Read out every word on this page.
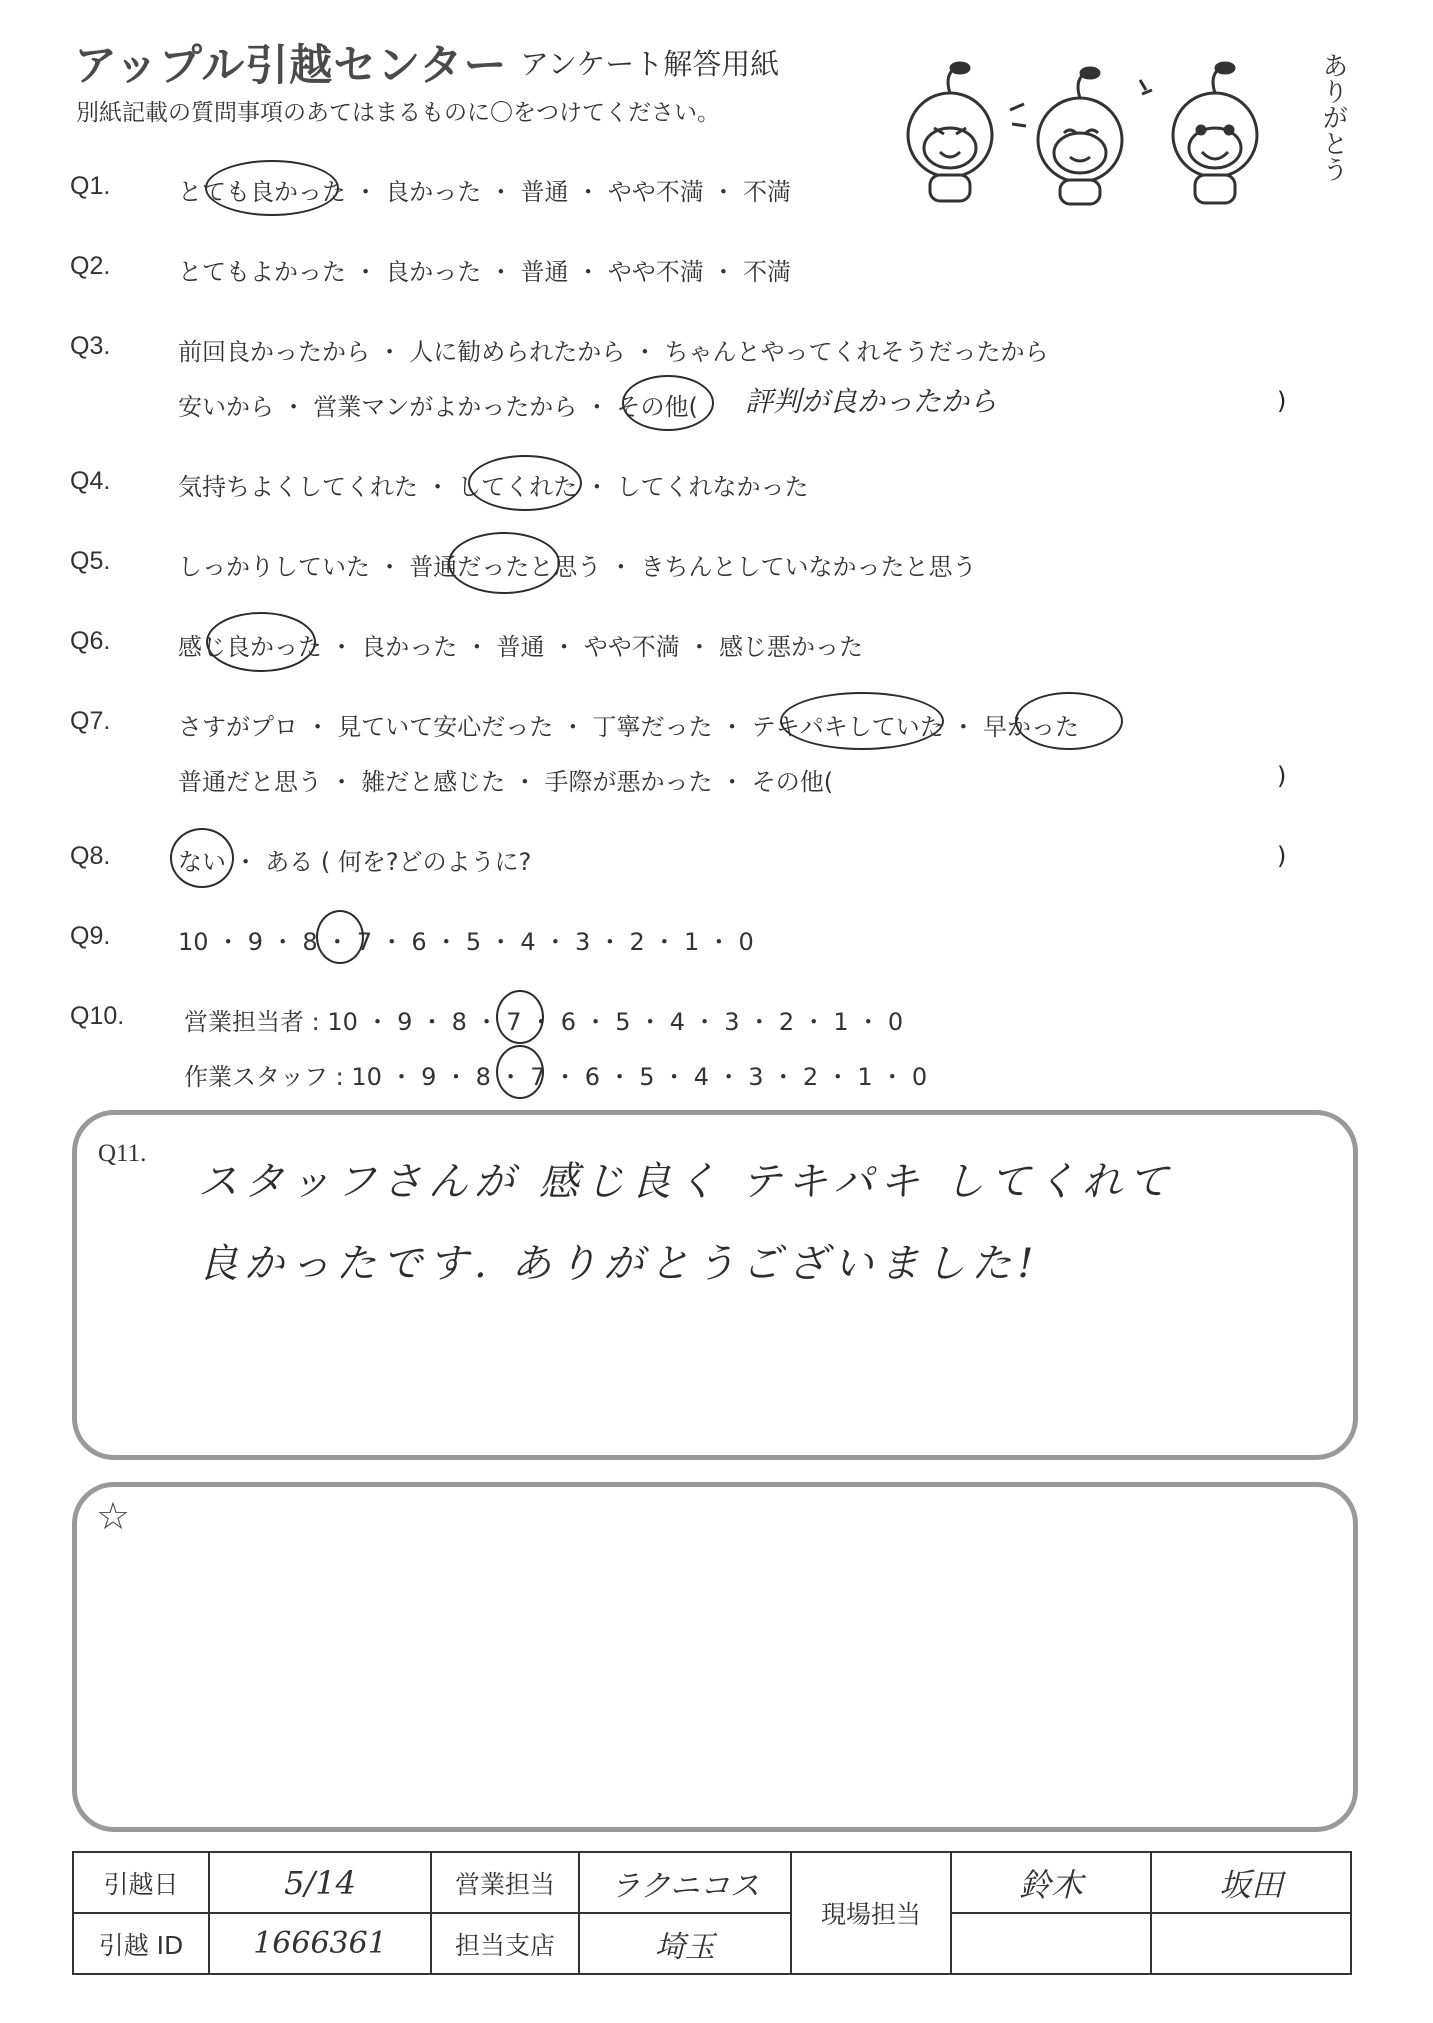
アップル引越センター アンケート解答用紙
別紙記載の質問事項のあてはまるものに〇をつけてください。	ありがとう
Q1.	とても良かった ・ 良かった ・ 普通 ・ やや不満 ・ 不満
Q2.	とてもよかった ・ 良かった ・ 普通 ・ やや不満 ・ 不満
Q3.	前回良かったから ・ 人に勧められたから ・ ちゃんとやってくれそうだったから
安いから ・ 営業マンがよかったから ・ その他( 評判が良かったから	)
Q4.	気持ちよくしてくれた ・ してくれた ・ してくれなかった
Q5.	しっかりしていた ・ 普通だったと思う ・ きちんとしていなかったと思う
Q6.	感じ良かった ・ 良かった ・ 普通 ・ やや不満 ・ 感じ悪かった
Q7.	さすがプロ ・ 見ていて安心だった ・ 丁寧だった ・ テキパキしていた ・ 早かった
普通だと思う ・ 雑だと感じた ・ 手際が悪かった ・ その他(	)
Q8.	ない ・ ある ( 何を?どのように?	)
Q9.	10 ・ 9 ・ 8 ・ 7 ・ 6 ・ 5 ・ 4 ・ 3 ・ 2 ・ 1 ・ 0
Q10. 営業担当者 : 10 ・ 9 ・ 8 ・ 7 ・ 6 ・ 5 ・ 4 ・ 3 ・ 2 ・ 1 ・ 0
作業スタッフ : 10 ・ 9 ・ 8 ・ 7 ・ 6 ・ 5 ・ 4 ・ 3 ・ 2 ・ 1 ・ 0
Q11.
スタッフさんが 感じ良く テキパキ してくれて
良かったです. ありがとうございました!
☆
引越日	5/14	営業担当	ラクニコス	現場担当	鈴木	坂田
引越 ID	1666361	担当支店	埼玉			
